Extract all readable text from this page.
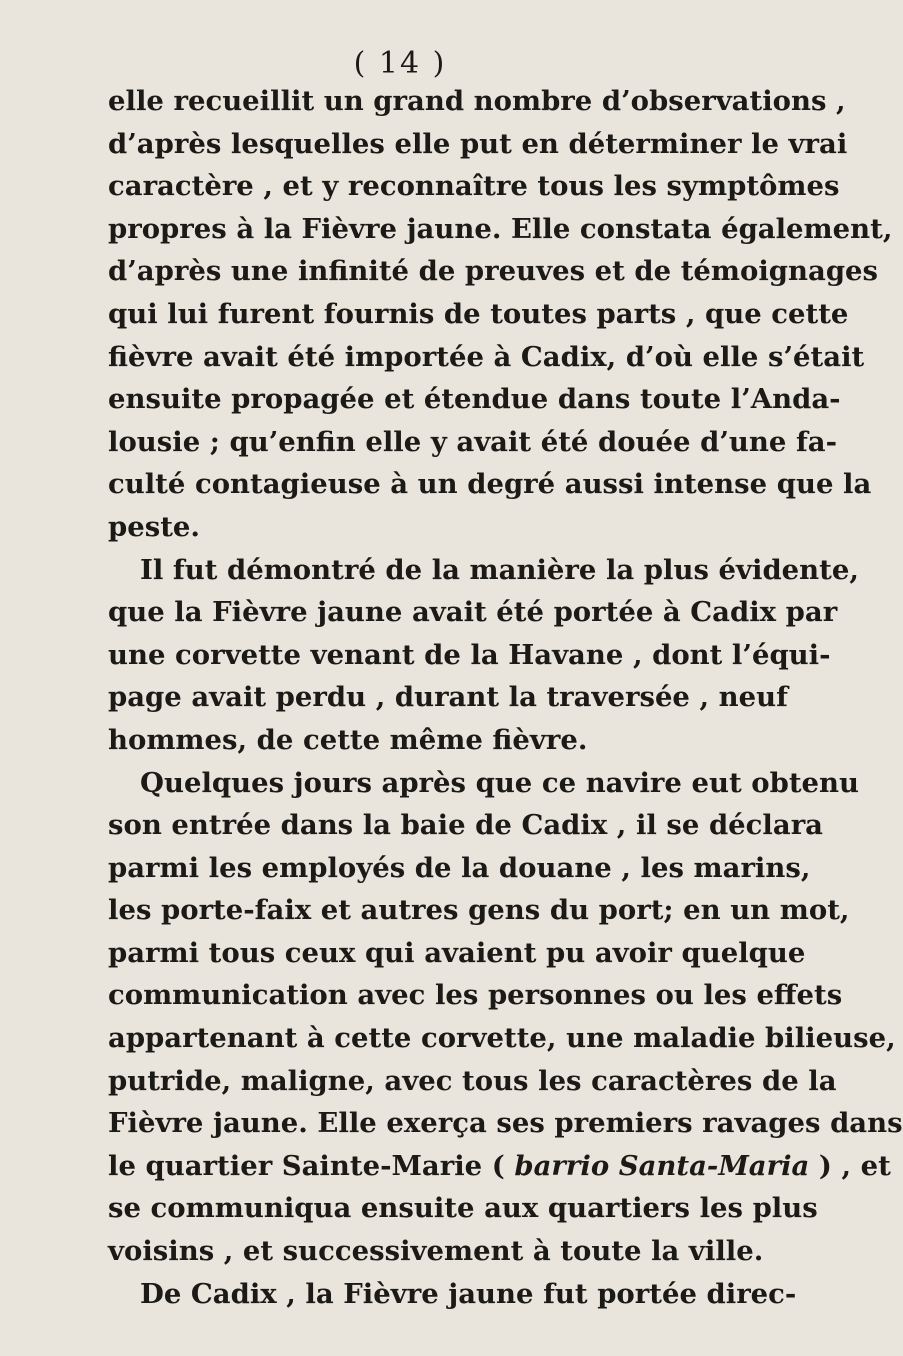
( 14 )
elle recueillit un grand nombre d’observations ,
d’après lesquelles elle put en déterminer le vrai
caractère , et y reconnaître tous les symptômes
propres à la Fièvre jaune. Elle constata également,
d’après une infinité de preuves et de témoignages
qui lui furent fournis de toutes parts , que cette
fièvre avait été importée à Cadix, d’où elle s’était
ensuite propagée et étendue dans toute l’Anda-
lousie ; qu’enfin elle y avait été douée d’une fa-
culté contagieuse à un degré aussi intense que la
peste.
Il fut démontré de la manière la plus évidente,
que la Fièvre jaune avait été portée à Cadix par
une corvette venant de la Havane , dont l’équi-
page avait perdu , durant la traversée , neuf
hommes, de cette même fièvre.
Quelques jours après que ce navire eut obtenu
son entrée dans la baie de Cadix , il se déclara
parmi les employés de la douane , les marins,
les porte-faix et autres gens du port; en un mot,
parmi tous ceux qui avaient pu avoir quelque
communication avec les personnes ou les effets
appartenant à cette corvette, une maladie bilieuse,
putride, maligne, avec tous les caractères de la
Fièvre jaune. Elle exerça ses premiers ravages dans
le quartier Sainte-Marie ( barrio Santa-Maria ) , et
se communiqua ensuite aux quartiers les plus
voisins , et successivement à toute la ville.
De Cadix , la Fièvre jaune fut portée direc-
